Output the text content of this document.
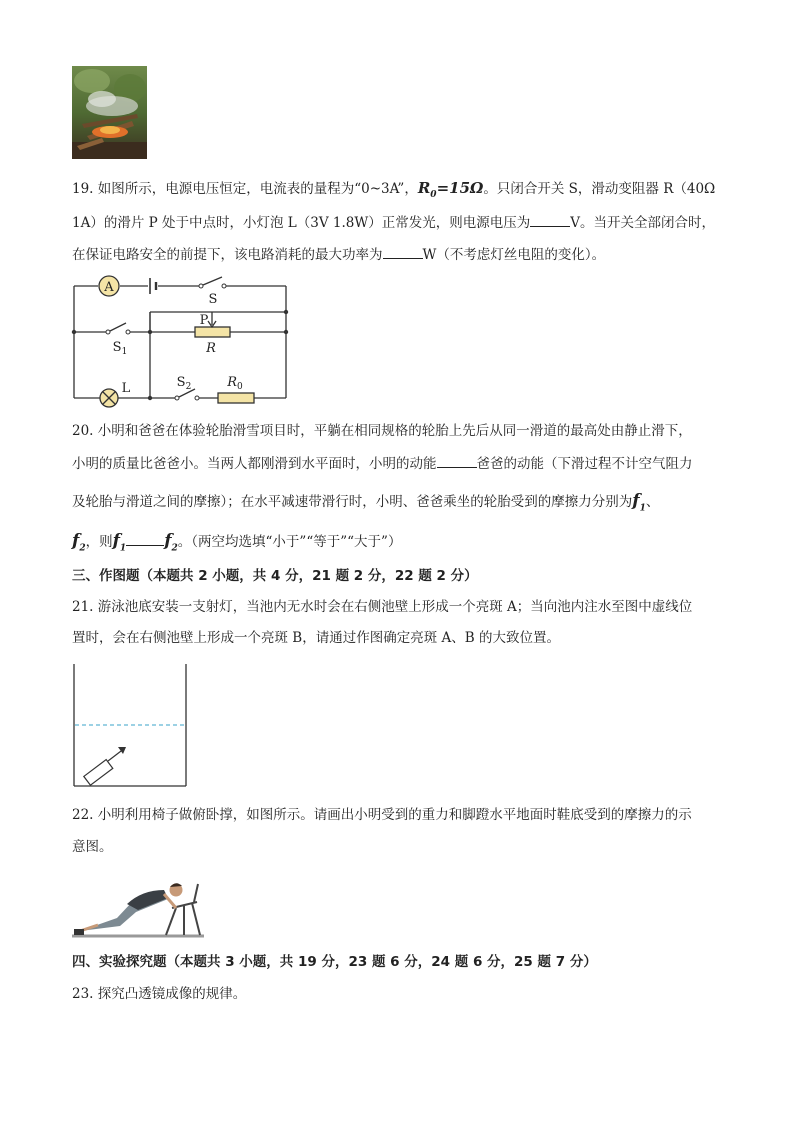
19. 如图所示，电源电压恒定，电流表的量程为“0~3A”，$R_0=15\Omega$。只闭合开关 S，滑动变阻器 R（40Ω
1A）的滑片 P 处于中点时，小灯泡 L（3V 1.8W）正常发光，则电源电压为	V。当开关全部闭合时，
在保证电路安全的前提下，该电路消耗的最大功率为	W（不考虑灯丝电阻的变化）。
A
S
$S_1$
P
R
L	$S_2$	$R_0$
20. 小明和爸爸在体验轮胎滑雪项目时，平躺在相同规格的轮胎上先后从同一滑道的最高处由静止滑下，
小明的质量比爸爸小。当两人都刚滑到水平面时，小明的动能	爸爸的动能（下滑过程不计空气阻力
及轮胎与滑道之间的摩擦）；在水平减速带滑行时，小明、爸爸乘坐的轮胎受到的摩擦力分别为$f_1$、
$f_2$，则$f_1$ $f_2$。（两空均选填“小于”“等于”“大于”）
三、作图题（本题共 2 小题，共 4 分，21 题 2 分，22 题 2 分）
21. 游泳池底安装一支射灯，当池内无水时会在右侧池壁上形成一个亮斑 A；当向池内注水至图中虚线位
置时，会在右侧池壁上形成一个亮斑 B，请通过作图确定亮斑 A、B 的大致位置。
22. 小明利用椅子做俯卧撑，如图所示。请画出小明受到的重力和脚蹬水平地面时鞋底受到的摩擦力的示
意图。
四、实验探究题（本题共 3 小题，共 19 分，23 题 6 分，24 题 6 分，25 题 7 分）
23. 探究凸透镜成像的规律。
